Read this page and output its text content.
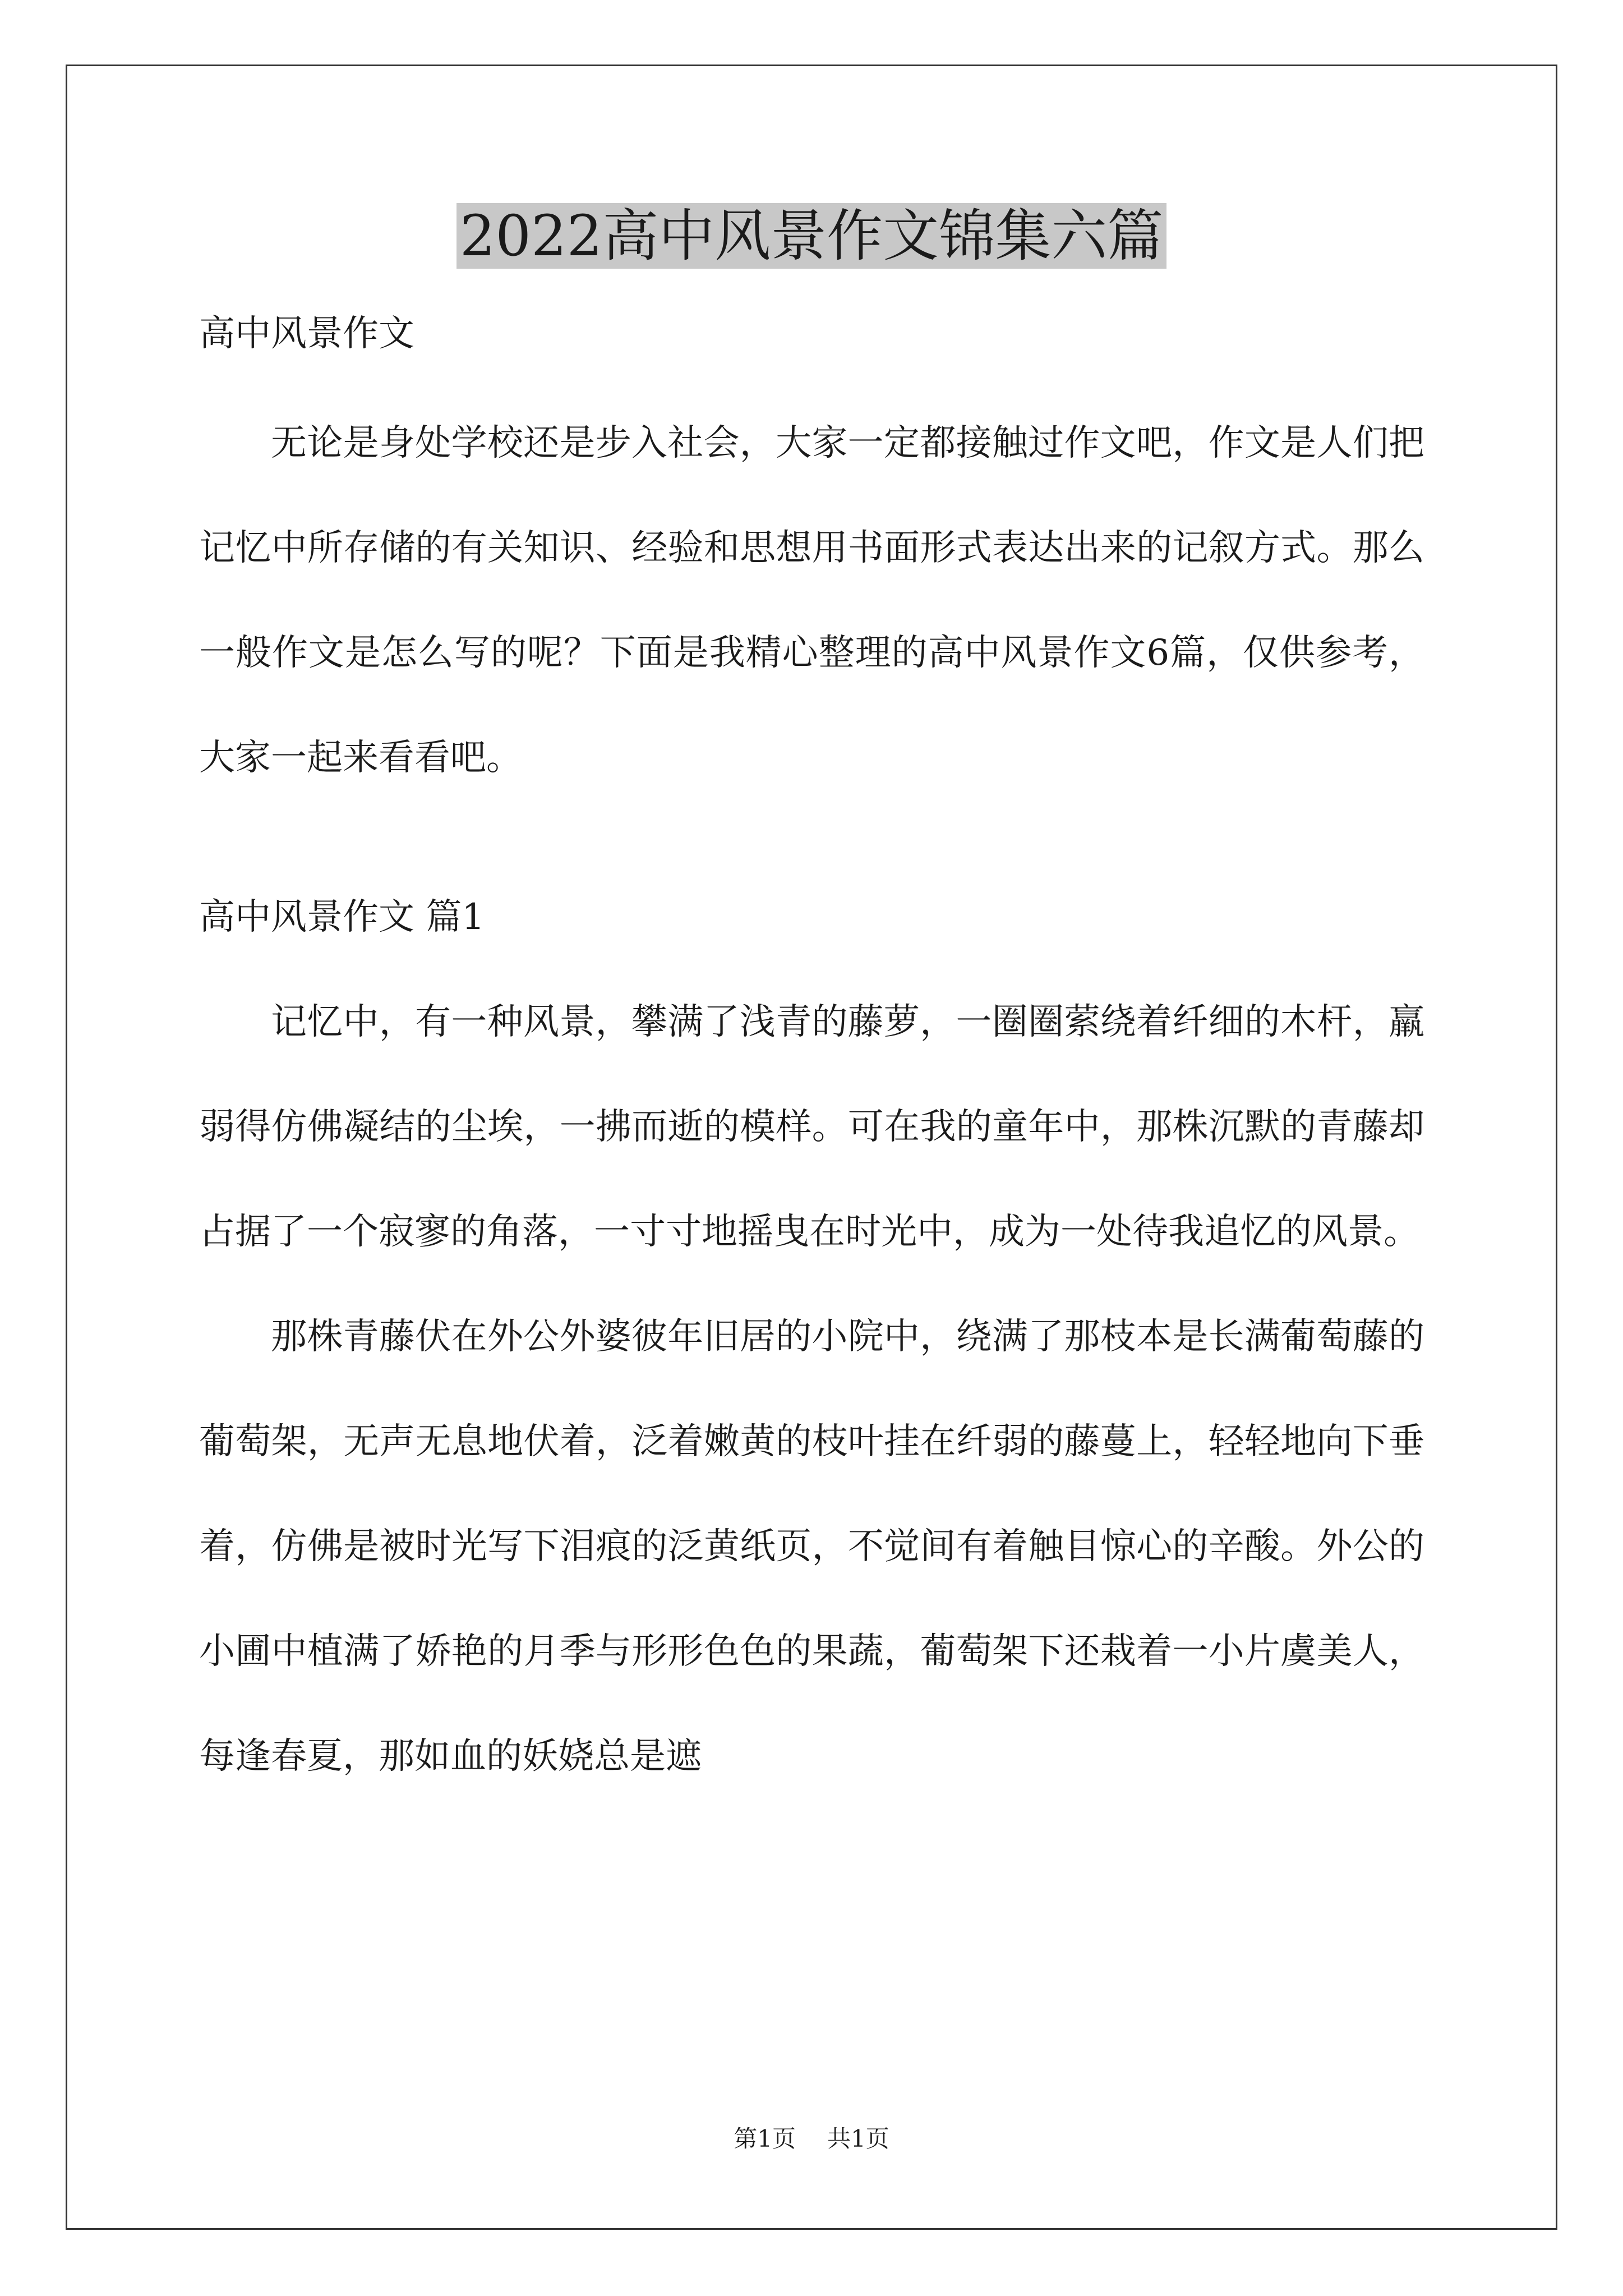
2022高中风景作文锦集六篇

高中风景作文

无论是身处学校还是步入社会，大家一定都接触过作文吧，作文是人们把记忆中所存储的有关知识、经验和思想用书面形式表达出来的记叙方式。那么一般作文是怎么写的呢？下面是我精心整理的高中风景作文6篇，仅供参考，大家一起来看看吧。

高中风景作文 篇1

记忆中，有一种风景，攀满了浅青的藤萝，一圈圈萦绕着纤细的木杆，羸弱得仿佛凝结的尘埃，一拂而逝的模样。可在我的童年中，那株沉默的青藤却占据了一个寂寥的角落，一寸寸地摇曳在时光中，成为一处待我追忆的风景。

那株青藤伏在外公外婆彼年旧居的小院中，绕满了那枝本是长满葡萄藤的葡萄架，无声无息地伏着，泛着嫩黄的枝叶挂在纤弱的藤蔓上，轻轻地向下垂着，仿佛是被时光写下泪痕的泛黄纸页，不觉间有着触目惊心的辛酸。外公的小圃中植满了娇艳的月季与形形色色的果蔬，葡萄架下还栽着一小片虞美人，每逢春夏，那如血的妖娆总是遮

第1页 共1页
